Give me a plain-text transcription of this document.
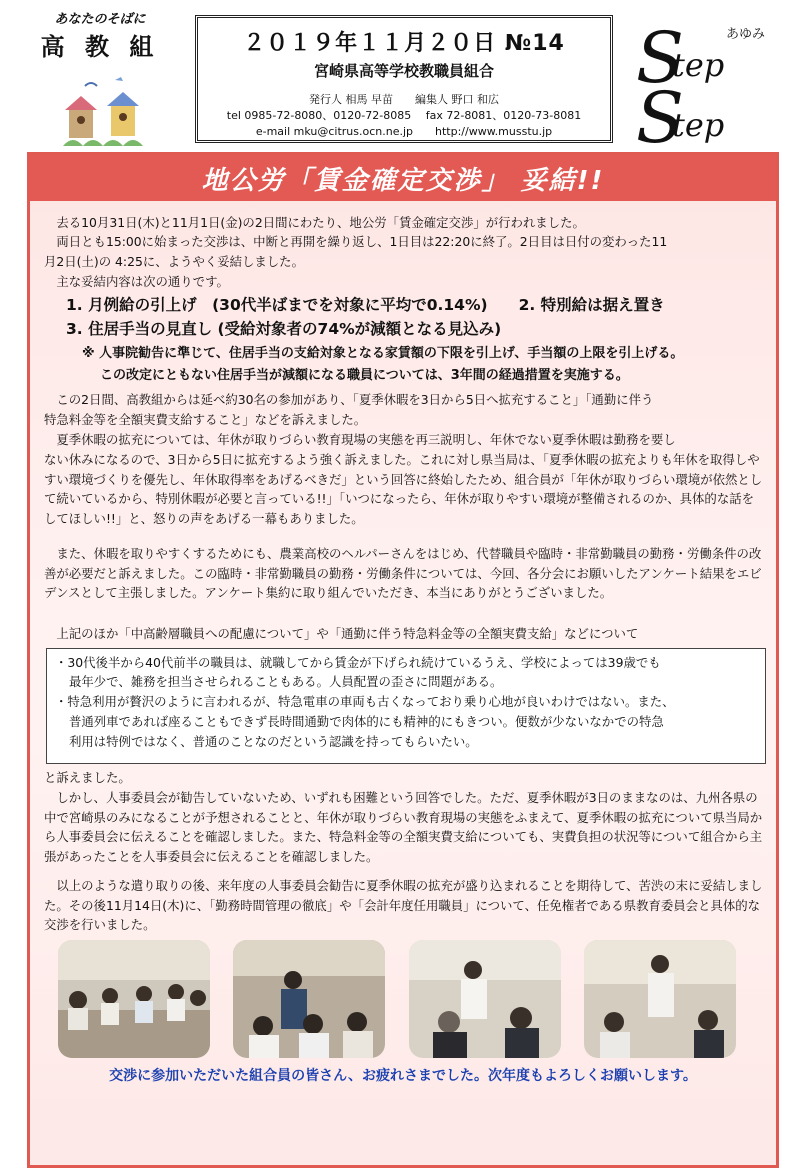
あなたのそばに
高 教 組	２０１９年１１月２０日 №14
宮崎県高等学校教職員組合
発行人 相馬 早苗　　編集人 野口 和広
tel 0985-72-8080、0120-72-8085　 fax 72-8081、0120-73-8081
e-mail mku@citrus.ocn.ne.jp　　http://www.musstu.jp
S
tep
S
tep
あゆみ
地公労「賃金確定交渉」 妥結!!
去る10月31日(木)と11月1日(金)の2日間にわたり、地公労「賃金確定交渉」が行われました。
両日とも15:00に始まった交渉は、中断と再開を繰り返し、1日目は22:20に終了。2日目は日付の変わった11
月2日(土)の 4:25に、ようやく妥結しました。
主な妥結内容は次の通りです。
1. 月例給の引上げ　(30代半ばまでを対象に平均で0.14%)　　2. 特別給は据え置き
3. 住居手当の見直し (受給対象者の74%が減額となる見込み)
※ 人事院勧告に準じて、住居手当の支給対象となる家賃額の下限を引上げ、手当額の上限を引上げる。
この改定にともない住居手当が減額になる職員については、3年間の経過措置を実施する。
この2日間、高教組からは延べ約30名の参加があり、「夏季休暇を3日から5日へ拡充すること」「通勤に伴う
特急料金等を全額実費支給すること」などを訴えました。
夏季休暇の拡充については、年休が取りづらい教育現場の実態を再三説明し、年休でない夏季休暇は勤務を要し
ない休みになるので、3日から5日に拡充するよう強く訴えました。これに対し県当局は、「夏季休暇の拡充よりも年休を取得しやすい環境づくりを優先し、年休取得率をあげるべきだ」という回答に終始したため、組合員が「年休が取りづらい環境が依然として続いているから、特別休暇が必要と言っている!!」「いつになったら、年休が取りやすい環境が整備されるのか、具体的な話をしてほしい!!」と、怒りの声をあげる一幕もありました。
また、休暇を取りやすくするためにも、農業高校のヘルパーさんをはじめ、代替職員や臨時・非常勤職員の勤務・労働条件の改善が必要だと訴えました。この臨時・非常勤職員の勤務・労働条件については、今回、各分会にお願いしたアンケート結果をエビデンスとして主張しました。アンケート集約に取り組んでいただき、本当にありがとうございました。
上記のほか「中高齢層職員への配慮について」や「通勤に伴う特急料金等の全額実費支給」などについて
・30代後半から40代前半の職員は、就職してから賃金が下げられ続けているうえ、学校によっては39歳でも
最年少で、雑務を担当させられることもある。人員配置の歪さに問題がある。
・特急利用が贅沢のように言われるが、特急電車の車両も古くなっており乗り心地が良いわけではない。また、
普通列車であれば座ることもできず長時間通勤で肉体的にも精神的にもきつい。便数が少ないなかでの特急
利用は特例ではなく、普通のことなのだという認識を持ってもらいたい。
と訴えました。
しかし、人事委員会が勧告していないため、いずれも困難という回答でした。ただ、夏季休暇が3日のままなのは、九州各県の中で宮崎県のみになることが予想されることと、年休が取りづらい教育現場の実態をふまえて、夏季休暇の拡充について県当局から人事委員会に伝えることを確認しました。また、特急料金等の全額実費支給についても、実費負担の状況等について組合から主張があったことを人事委員会に伝えることを確認しました。
以上のような遣り取りの後、来年度の人事委員会勧告に夏季休暇の拡充が盛り込まれることを期待して、苦渋の末に妥結しました。その後11月14日(木)に、「勤務時間管理の徹底」や「会計年度任用職員」について、任免権者である県教育委員会と具体的な交渉を行いました。
交渉に参加いただいた組合員の皆さん、お疲れさまでした。次年度もよろしくお願いします。
